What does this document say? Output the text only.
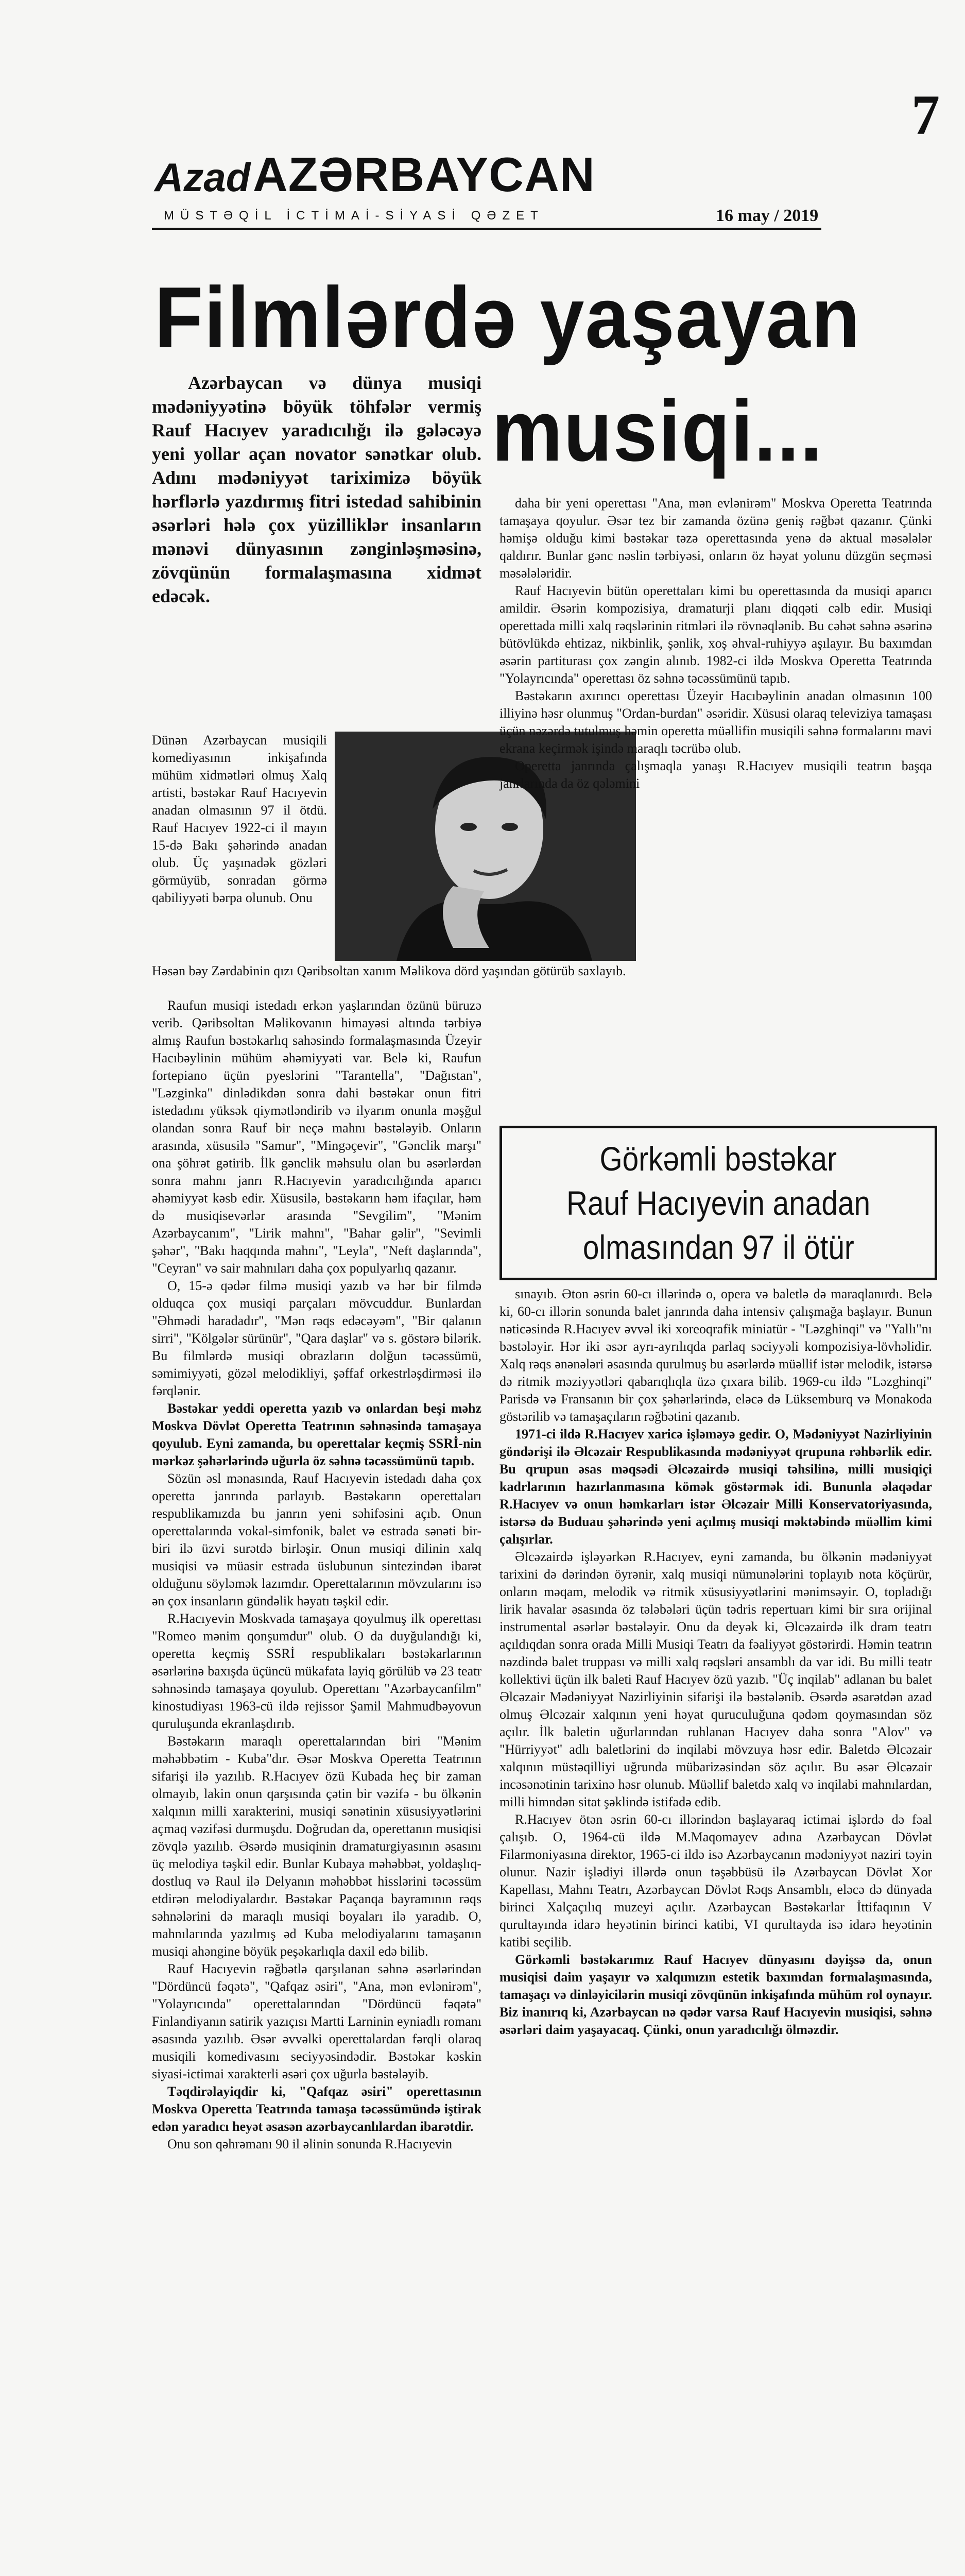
7
Azad AZƏRBAYCAN
MÜSTƏQİL İCTİMAİ-SİYASİ QƏZET	16 may / 2019
Filmlərdə yaşayan
musiqi...
Azərbaycan və dünya musiqi mədəniyyətinə böyük töhfələr vermiş Rauf Hacıyev yaradıcılığı ilə gələcəyə yeni yollar açan novator sənətkar olub. Adını mədəniyyət tariximizə böyük hərflərlə yazdırmış fitri istedad sahibinin əsərləri hələ çox yüzilliklər insanların mənəvi dünyasının zənginləşməsinə, zövqünün formalaşmasına xidmət edəcək.
Dünən Azərbaycan musiqili komediyasının inkişafında mühüm xidmətləri olmuş Xalq artisti, bəstəkar Rauf Hacıyevin anadan olmasının 97 il ötdü. Rauf Hacıyev 1922-ci il mayın 15-də Bakı şəhərində anadan olub. Üç yaşınadək gözləri görmüyüb, sonradan görmə qabiliyyəti bərpa olunub. Onu
Həsən bəy Zərdabinin qızı Qəribsoltan xanım Məlikova dörd yaşından götürüb saxlayıb.

Raufun musiqi istedadı erkən yaşlarından özünü büruzə verib. Qəribsoltan Məlikovanın himayəsi altında tərbiyə almış Raufun bəstəkarlıq sahəsində formalaşmasında Üzeyir Hacıbəylinin mühüm əhəmiyyəti var. Belə ki, Raufun fortepiano üçün pyeslərini "Tarantella", "Dağıstan", "Ləzginka" dinlədikdən sonra dahi bəstəkar onun fitri istedadını yüksək qiymətləndirib və ilyarım onunla məşğul olandan sonra Rauf bir neçə mahnı bəstələyib. Onların arasında, xüsusilə "Samur", "Mingəçevir", "Gənclik marşı" ona şöhrət gətirib. İlk gənclik məhsulu olan bu əsərlərdən sonra mahnı janrı R.Hacıyevin yaradıcılığında aparıcı əhəmiyyət kəsb edir. Xüsusilə, bəstəkarın həm ifaçılar, həm də musiqisevərlər arasında "Sevgilim", "Mənim Azərbaycanım", "Lirik mahnı", "Bahar gəlir", "Sevimli şəhər", "Bakı haqqında mahnı", "Leyla", "Neft daşlarında", "Ceyran" və sair mahnıları daha çox populyarlıq qazanır.

O, 15-ə qədər filmə musiqi yazıb və hər bir filmdə olduqca çox musiqi parçaları mövcuddur. Bunlardan "Əhmədi haradadır", "Mən rəqs edəcəyəm", "Bir qalanın sirri", "Kölgələr sürünür", "Qara daşlar" və s. göstərə bilərik. Bu filmlərdə musiqi obrazların dolğun təcəssümü, səmimiyyəti, gözəl melodikliyi, şəffaf orkestrləşdirməsi ilə fərqlənir.

Bəstəkar yeddi operetta yazıb və onlardan beşi məhz Moskva Dövlət Operetta Teatrının səhnəsində tamaşaya qoyulub. Eyni zamanda, bu operettalar keçmiş SSRİ-nin mərkəz şəhərlərində uğurla öz səhnə təcəssümünü tapıb.

Sözün əsl mənasında, Rauf Hacıyevin istedadı daha çox operetta janrında parlayıb. Bəstəkarın operettaları respublikamızda bu janrın yeni səhifəsini açıb. Onun operettalarında vokal-simfonik, balet və estrada sənəti bir-biri ilə üzvi surətdə birləşir. Onun musiqi dilinin xalq musiqisi və müasir estrada üslubunun sintezindən ibarət olduğunu söyləmək lazımdır. Operettalarının mövzularını isə ən çox insanların gündəlik həyatı təşkil edir.

R.Hacıyevin Moskvada tamaşaya qoyulmuş ilk operettası "Romeo mənim qonşumdur" olub. O da duyğulandığı ki, operetta keçmiş SSRİ respublikaları bəstəkarlarının əsərlərinə baxışda üçüncü mükafata layiq görülüb və 23 teatr səhnəsində tamaşaya qoyulub. Operettanı "Azərbaycanfilm" kinostudiyası 1963-cü ildə rejissor Şamil Mahmudbəyovun quruluşunda ekranlaşdırıb.

Bəstəkarın maraqlı operettalarından biri "Mənim məhəbbətim - Kuba"dır. Əsər Moskva Operetta Teatrının sifarişi ilə yazılıb. R.Hacıyev özü Kubada heç bir zaman olmayıb, lakin onun qarşısında çətin bir vəzifə - bu ölkənin xalqının milli xarakterini, musiqi sənətinin xüsusiyyətlərini açmaq vəzifəsi durmuşdu. Doğrudan da, operettanın musiqisi zövqlə yazılıb. Əsərdə musiqinin dramaturgiyasının əsasını üç melodiya təşkil edir. Bunlar Kubaya məhəbbət, yoldaşlıq-dostluq və Raul ilə Delyanın məhəbbət hisslərini təcəssüm etdirən melodiyalardır. Bəstəkar Paçanqa bayramının rəqs səhnələrini də maraqlı musiqi boyaları ilə yaradıb. O, mahnılarında yazılmış əd Kuba melodiyalarını tamaşanın musiqi ahəngine böyük peşəkarlıqla daxil edə bilib.

Rauf Hacıyevin rəğbətlə qarşılanan səhnə əsərlərindən "Dördüncü fəqətə", "Qafqaz əsiri", "Ana, mən evlənirəm", "Yolayrıcında" operettalarından "Dördüncü fəqətə" Finlandiyanın satirik yazıçısı Martti Larninin eyniadlı romanı əsasında yazılıb. Əsər əvvəlki operettalardan fərqli olaraq musiqili komedivasını seciyyəsindədir. Bəstəkar kəskin siyasi-ictimai xarakterli əsəri çox uğurla bəstələyib.

Təqdirəlayiqdir ki, "Qafqaz əsiri" operettasının Moskva Operetta Teatrında tamaşa təcəssümündə iştirak edən yaradıcı heyət əsasən azərbaycanlılardan ibarətdir.

Onu son qəhrəmanı 90 il əlinin sonunda R.Hacıyevin

daha bir yeni operettası "Ana, mən evlənirəm" Moskva Operetta Teatrında tamaşaya qoyulur. Əsər tez bir zamanda özünə geniş rəğbət qazanır. Çünki həmişə olduğu kimi bəstəkar təzə operettasında yenə də aktual məsələlər qaldırır. Bunlar gənc nəslin tərbiyəsi, onların öz həyat yolunu düzgün seçməsi məsələləridir.

Rauf Hacıyevin bütün operettaları kimi bu operettasında da musiqi aparıcı amildir. Əsərin kompozisiya, dramaturji planı diqqəti cəlb edir. Musiqi operettada milli xalq rəqslərinin ritmləri ilə rövnəqlənib. Bu cəhət səhnə əsərinə bütövlükdə ehtizaz, nikbinlik, şənlik, xoş əhval-ruhiyyə aşılayır. Bu baxımdan əsərin partiturası çox zəngin alınıb. 1982-ci ildə Moskva Operetta Teatrında "Yolayrıcında" operettası öz səhnə təcəssümünü tapıb.

Bəstəkarın axırıncı operettası Üzeyir Hacıbəylinin anadan olmasının 100 illiyinə həsr olunmuş "Ordan-burdan" əsəridir. Xüsusi olaraq televiziya tamaşası üçün nəzərdə tutulmuş həmin operetta müəllifin musiqili səhnə formalarını mavi ekrana keçirmək işində maraqlı təcrübə olub.

Operetta janrında çalışmaqla yanaşı R.Hacıyev musiqili teatrın başqa janrlarında da öz qələmini

Görkəmli bəstəkar
Rauf Hacıyevin anadan
olmasından 97 il ötür

sınayıb. Əton əsrin 60-cı illərində o, opera və baletlə də maraqlanırdı. Belə ki, 60-cı illərin sonunda balet janrında daha intensiv çalışmağa başlayır. Bunun nəticəsində R.Hacıyev əvvəl iki xoreoqrafik miniatür - "Ləzghinqi" və "Yallı"nı bəstələyir. Hər iki əsər ayrı-ayrılıqda parlaq səciyyəli kompozisiya-lövhəlidir. Xalq rəqs ənənələri əsasında qurulmuş bu əsərlərdə müəllif istər melodik, istərsə də ritmik məziyyətləri qabarıqlıqla üzə çıxara bilib. 1969-cu ildə "Ləzghinqi" Parisdə və Fransanın bir çox şəhərlərində, eləcə də Lüksemburq və Monakoda göstərilib və tamaşaçıların rəğbətini qazanıb.

1971-ci ildə R.Hacıyev xaricə işləməyə gedir. O, Mədəniyyət Nazirliyinin göndərişi ilə Əlcəzair Respublikasında mədəniyyət qrupuna rəhbərlik edir. Bu qrupun əsas məqsədi Əlcəzairdə musiqi təhsilinə, milli musiqiçi kadrlarının hazırlanmasına kömək göstərmək idi. Bununla əlaqədar R.Hacıyev və onun həmkarları istər Əlcəzair Milli Konservatoriyasında, istərsə də Buduau şəhərində yeni açılmış musiqi məktəbində müəllim kimi çalışırlar.

Əlcəzairdə işləyərkən R.Hacıyev, eyni zamanda, bu ölkənin mədəniyyət tarixini də dərindən öyrənir, xalq musiqi nümunələrini toplayıb nota köçürür, onların məqam, melodik və ritmik xüsusiyyətlərini mənimsəyir. O, topladığı lirik havalar əsasında öz tələbələri üçün tədris repertuarı kimi bir sıra orijinal instrumental əsərlər bəstələyir. Onu da deyək ki, Əlcəzairdə ilk dram teatrı açıldıqdan sonra orada Milli Musiqi Teatrı da fəaliyyət göstərirdi. Həmin teatrın nəzdində balet truppası və milli xalq rəqsləri ansamblı da var idi. Bu milli teatr kollektivi üçün ilk baleti Rauf Hacıyev özü yazıb. "Üç inqilab" adlanan bu balet Əlcəzair Mədəniyyət Nazirliyinin sifarişi ilə bəstələnib. Əsərdə əsarətdən azad olmuş Əlcəzair xalqının yeni həyat quruculuğuna qədəm qoymasından söz açılır. İlk baletin uğurlarından ruhlanan Hacıyev daha sonra "Alov" və "Hürriyyət" adlı baletlərini də inqilabi mövzuya həsr edir. Baletdə Əlcəzair xalqının müstəqilliyi uğrunda mübarizəsindən söz açılır. Bu əsər Əlcəzair incəsənətinin tarixinə həsr olunub. Müəllif baletdə xalq və inqilabi mahnılardan, milli himndən sitat şəklində istifadə edib.

R.Hacıyev ötən əsrin 60-cı illərindən başlayaraq ictimai işlərdə də fəal çalışıb. O, 1964-cü ildə M.Maqomayev adına Azərbaycan Dövlət Filarmoniyasına direktor, 1965-ci ildə isə Azərbaycanın mədəniyyət naziri təyin olunur. Nazir işlədiyi illərdə onun təşəbbüsü ilə Azərbaycan Dövlət Xor Kapellası, Mahnı Teatrı, Azərbaycan Dövlət Rəqs Ansamblı, eləcə də dünyada birinci Xalçaçılıq muzeyi açılır. Azərbaycan Bəstəkarlar İttifaqının V qurultayında idarə heyətinin birinci katibi, VI qurultayda isə idarə heyətinin katibi seçilib.

Görkəmli bəstəkarımız Rauf Hacıyev dünyasını dəyişsə da, onun musiqisi daim yaşayır və xalqımızın estetik baxımdan formalaşmasında, tamaşaçı və dinləyicilərin musiqi zövqünün inkişafında mühüm rol oynayır. Biz inanırıq ki, Azərbaycan nə qədər varsa Rauf Hacıyevin musiqisi, səhnə əsərləri daim yaşayacaq. Çünki, onun yaradıcılığı ölməzdir.
